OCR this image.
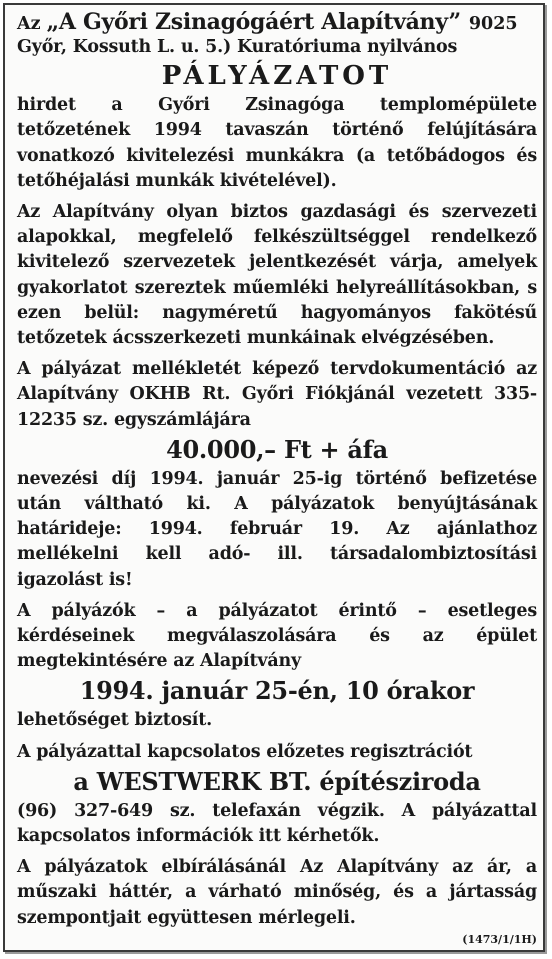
Az „A Győri Zsinagógáért Alapítvány” 9025

Győr, Kossuth L. u. 5.) Kuratóriuma nyilvános

PÁLYÁZATOT

hirdet a Győri Zsinagóga templomépülete tetőzetének 1994 tavaszán történő felújítására vonatkozó kivitelezési munkákra (a tetőbádogos és tetőhéjalási munkák kivételével).

Az Alapítvány olyan biztos gazdasági és szervezeti alapokkal, megfelelő felkészültséggel rendelkező kivitelező szervezetek jelentkezését várja, amelyek gyakorlatot szereztek műemléki helyreállításokban, s ezen belül: nagyméretű hagyományos fakötésű tetőzetek ácsszerkezeti munkáinak elvégzésében.

A pályázat mellékletét képező tervdokumentáció az Alapítvány OKHB Rt. Győri Fiókjánál vezetett 335-12235 sz. egyszámlájára

40.000,– Ft + áfa

nevezési díj 1994. január 25-ig történő befizetése után váltható ki. A pályázatok benyújtásának határideje: 1994. február 19. Az ajánlathoz mellékelni kell adó- ill. társadalombiztosítási igazolást is!

A pályázók – a pályázatot érintő – esetleges kérdéseinek megválaszolására és az épület megtekintésére az Alapítvány

1994. január 25-én, 10 órakor

lehetőséget biztosít.

A pályázattal kapcsolatos előzetes regisztrációt

a WESTWERK BT. építésziroda

(96) 327-649 sz. telefaxán végzik. A pályázattal kapcsolatos információk itt kérhetők.

A pályázatok elbírálásánál Az Alapítvány az ár, a műszaki háttér, a várható minőség, és a jártasság szempontjait együttesen mérlegeli.

(1473/1/1H)
